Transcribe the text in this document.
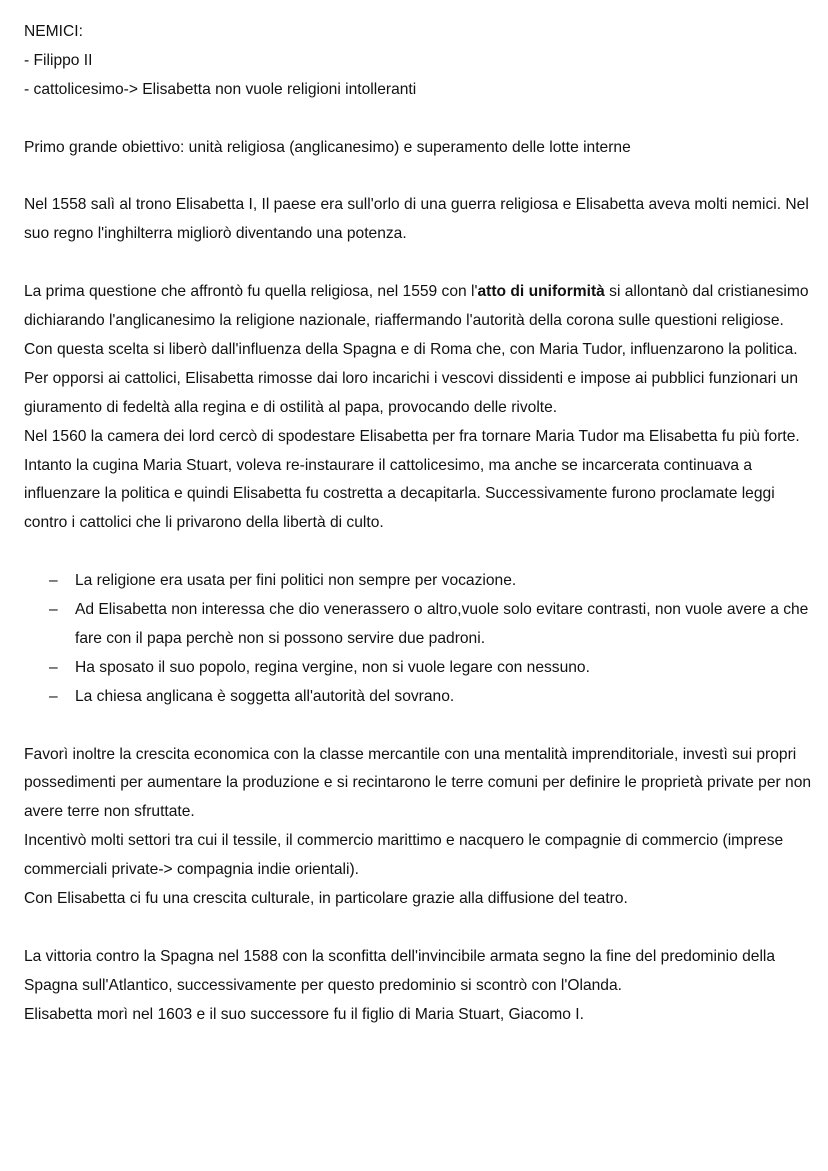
NEMICI:

- Filippo II

- cattolicesimo-> Elisabetta non vuole religioni intolleranti

Primo grande obiettivo: unità religiosa (anglicanesimo) e superamento delle lotte interne

Nel 1558 salì al trono Elisabetta I, Il paese era sull'orlo di una guerra religiosa e Elisabetta aveva molti nemici. Nel suo regno l'inghilterra migliorò diventando una potenza.

La prima questione che affrontò fu quella religiosa, nel 1559 con l'atto di uniformità si allontanò dal cristianesimo dichiarando l'anglicanesimo la religione nazionale, riaffermando l'autorità della corona sulle questioni religiose.

Con questa scelta si liberò dall'influenza della Spagna e di Roma che, con Maria Tudor, influenzarono la politica. Per opporsi ai cattolici, Elisabetta rimosse dai loro incarichi i vescovi dissidenti e impose ai pubblici funzionari un giuramento di fedeltà alla regina e di ostilità al papa, provocando delle rivolte.

Nel 1560 la camera dei lord cercò di spodestare Elisabetta per fra tornare Maria Tudor ma Elisabetta fu più forte. Intanto la cugina Maria Stuart, voleva re-instaurare il cattolicesimo, ma anche se incarcerata continuava a influenzare la politica e quindi Elisabetta fu costretta a decapitarla. Successivamente furono proclamate leggi contro i cattolici che li privarono della libertà di culto.

– La religione era usata per fini politici non sempre per vocazione.
– Ad Elisabetta non interessa che dio venerassero o altro,vuole solo evitare contrasti, non vuole avere a che fare con il papa perchè non si possono servire due padroni.
– Ha sposato il suo popolo, regina vergine, non si vuole legare con nessuno.
– La chiesa anglicana è soggetta all'autorità del sovrano.

Favorì inoltre la crescita economica con la classe mercantile con una mentalità imprenditoriale, investì sui propri possedimenti per aumentare la produzione e si recintarono le terre comuni per definire le proprietà private per non avere terre non sfruttate.

Incentivò molti settori tra cui il tessile, il commercio marittimo e nacquero le compagnie di commercio (imprese commerciali private-> compagnia indie orientali).

Con Elisabetta ci fu una crescita culturale, in particolare grazie alla diffusione del teatro.

La vittoria contro la Spagna nel 1588 con la sconfitta dell'invincibile armata segno la fine del predominio della Spagna sull'Atlantico, successivamente per questo predominio si scontrò con l'Olanda.

Elisabetta morì nel 1603 e il suo successore fu il figlio di Maria Stuart, Giacomo I.
